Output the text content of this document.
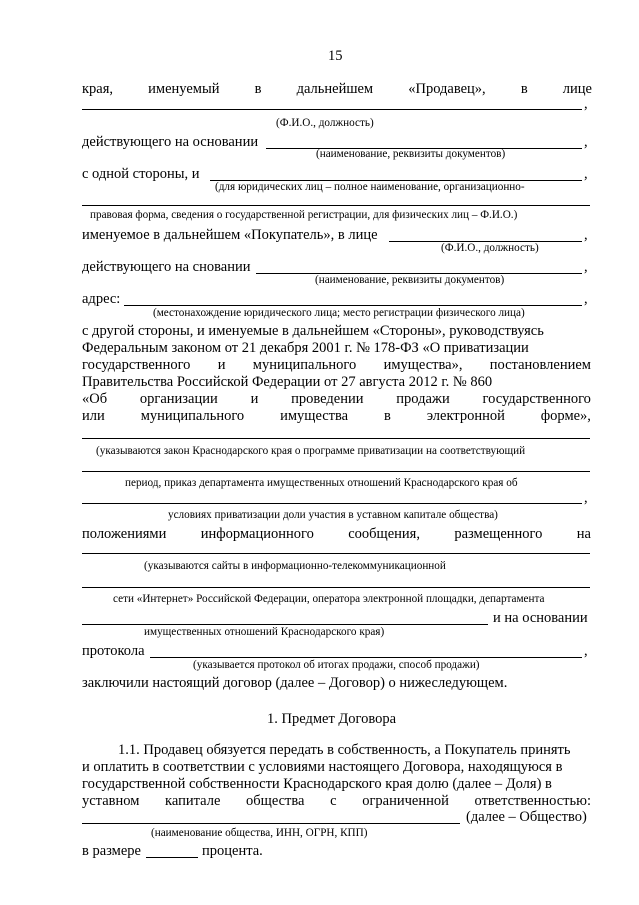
15
края, именуемый в дальнейшем «Продавец», в лице
,
(Ф.И.О., должность)
действующего на основании	,
(наименование, реквизиты документов)
с одной стороны, и	,
(для юридических лиц – полное наименование, организационно-
правовая форма, сведения о государственной регистрации, для физических лиц – Ф.И.О.)
именуемое в дальнейшем «Покупатель», в лице	,
(Ф.И.О., должность)
действующего на сновании	,
(наименование, реквизиты документов)
адрес:	,
(местонахождение юридического лица; место регистрации физического лица)
с другой стороны, и именуемые в дальнейшем «Стороны», руководствуясь
Федеральным законом от 21 декабря 2001 г. № 178-ФЗ «О приватизации
государственного и муниципального имущества», постановлением
Правительства Российской Федерации от 27 августа 2012 г. № 860
«Об организации и проведении продажи государственного
или муниципального имущества в электронной форме»,
(указываются закон Краснодарского края о программе приватизации на соответствующий
период, приказ департамента имущественных отношений Краснодарского края об
,
условиях приватизации доли участия в уставном капитале общества)
положениями информационного сообщения, размещенного на
(указываются сайты в информационно-телекоммуникационной
сети «Интернет» Российской Федерации, оператора электронной площадки, департамента
и на основании
имущественных отношений Краснодарского края)
протокола	,
(указывается протокол об итогах продажи, способ продажи)
заключили настоящий договор (далее – Договор) о нижеследующем.
1. Предмет Договора
1.1. Продавец обязуется передать в собственность, а Покупатель принять
и оплатить в соответствии с условиями настоящего Договора, находящуюся в
государственной собственности Краснодарского края долю (далее – Доля) в
уставном капитале общества с ограниченной ответственностью:
(далее – Общество)
(наименование общества, ИНН, ОГРН, КПП)
в размере	процента.
